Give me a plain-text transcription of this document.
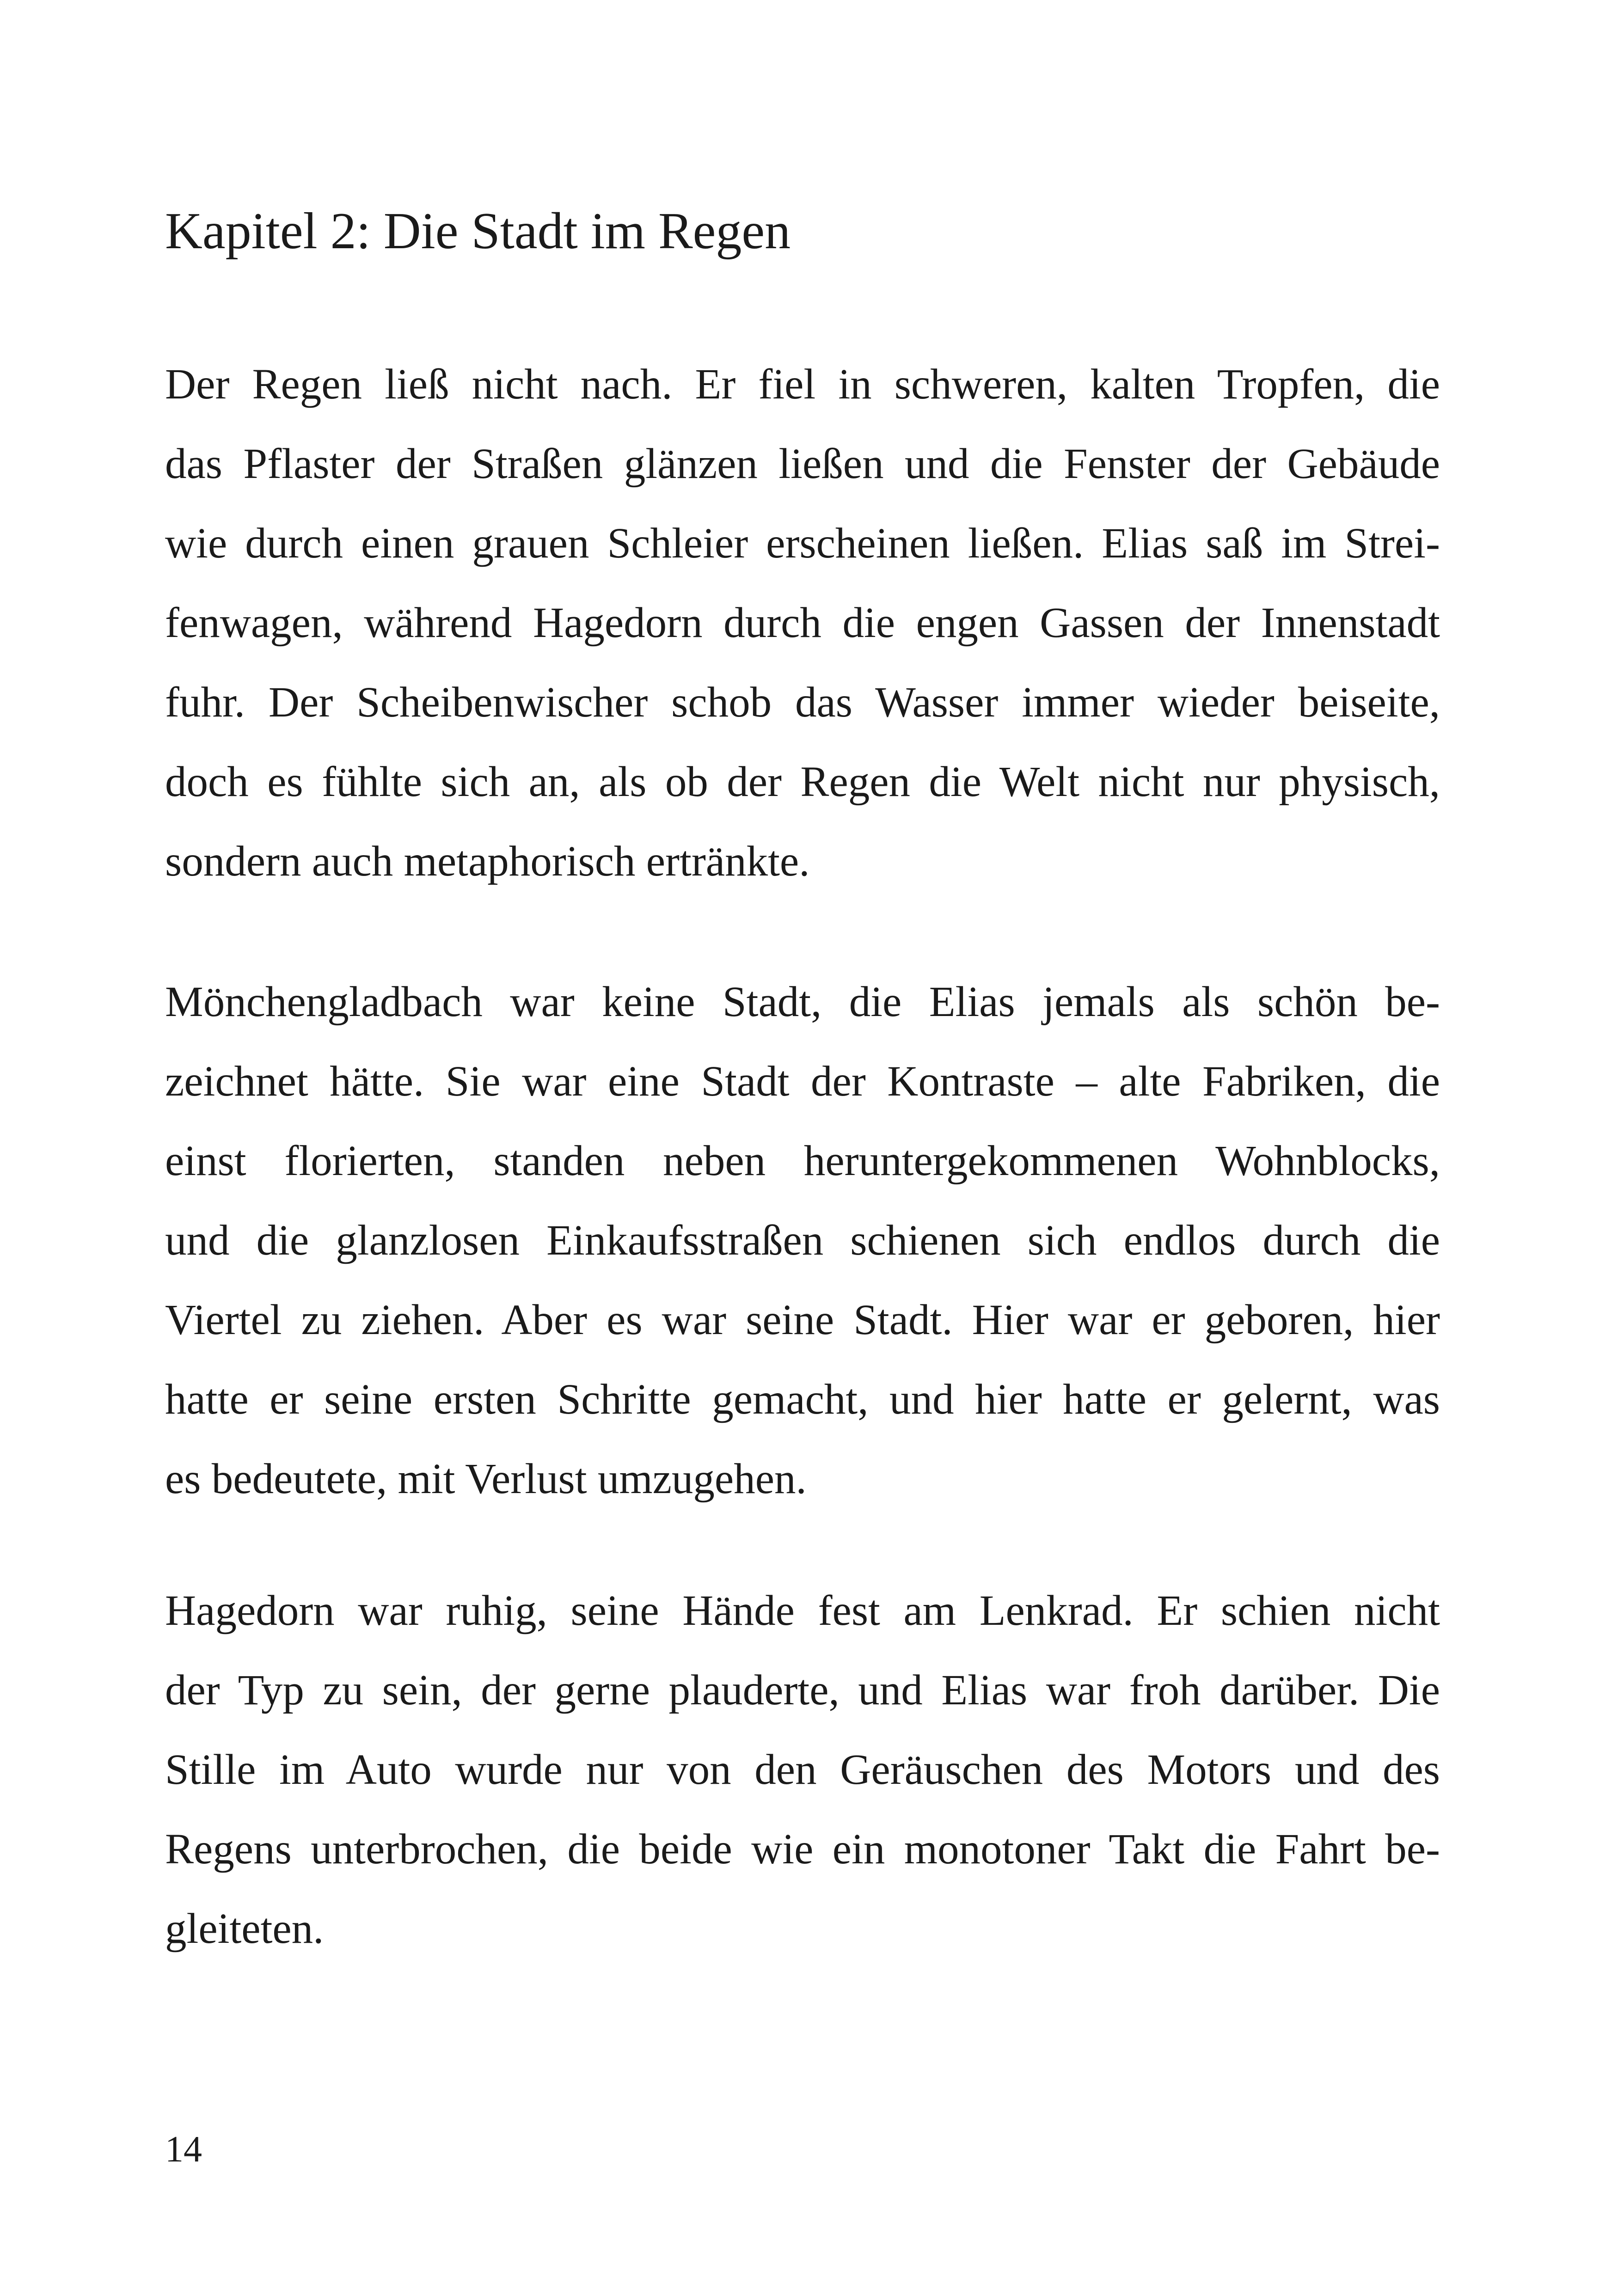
Kapitel 2: Die Stadt im Regen
Der Regen ließ nicht nach. Er fiel in schweren, kalten Tropfen, die
das Pflaster der Straßen glänzen ließen und die Fenster der Gebäude
wie durch einen grauen Schleier erscheinen ließen. Elias saß im Strei-
fenwagen, während Hagedorn durch die engen Gassen der Innenstadt
fuhr. Der Scheibenwischer schob das Wasser immer wieder beiseite,
doch es fühlte sich an, als ob der Regen die Welt nicht nur physisch,
sondern auch metaphorisch ertränkte.
Mönchengladbach war keine Stadt, die Elias jemals als schön be-
zeichnet hätte. Sie war eine Stadt der Kontraste – alte Fabriken, die
einst florierten, standen neben heruntergekommenen Wohnblocks,
und die glanzlosen Einkaufsstraßen schienen sich endlos durch die
Viertel zu ziehen. Aber es war seine Stadt. Hier war er geboren, hier
hatte er seine ersten Schritte gemacht, und hier hatte er gelernt, was
es bedeutete, mit Verlust umzugehen.
Hagedorn war ruhig, seine Hände fest am Lenkrad. Er schien nicht
der Typ zu sein, der gerne plauderte, und Elias war froh darüber. Die
Stille im Auto wurde nur von den Geräuschen des Motors und des
Regens unterbrochen, die beide wie ein monotoner Takt die Fahrt be-
gleiteten.
14
